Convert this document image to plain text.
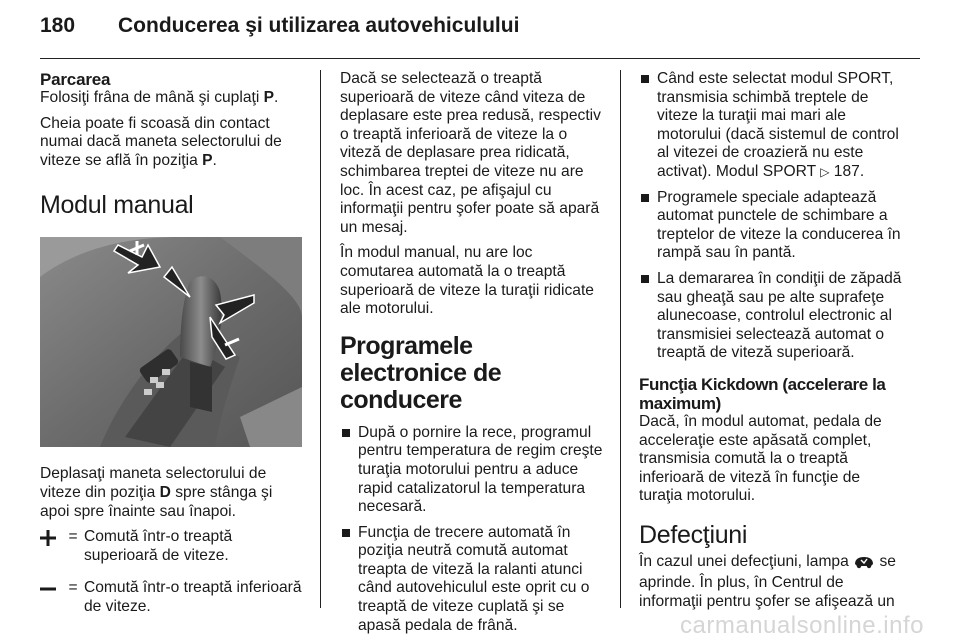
180 Conducerea şi utilizarea autovehiculului
Parcarea

Folosiţi frâna de mână şi cuplaţi P.

Cheia poate fi scoasă din contact numai dacă maneta selectorului de viteze se află în poziţia P.

Modul manual

Deplasaţi maneta selectorului de viteze din poziţia D spre stânga şi apoi spre înainte sau înapoi.

= Comută într-o treaptă superioară de viteze.
= Comută într-o treaptă inferioară de viteze.

Dacă se selectează o treaptă superioară de viteze când viteza de deplasare este prea redusă, respectiv o treaptă inferioară de viteze la o viteză de deplasare prea ridicată, schimbarea treptei de viteze nu are loc. În acest caz, pe afişajul cu informaţii pentru şofer poate să apară un mesaj.

În modul manual, nu are loc comutarea automată la o treaptă superioară de viteze la turaţii ridicate ale motorului.

Programele electronice de conducere
După o pornire la rece, programul pentru temperatura de regim creşte turaţia motorului pentru a aduce rapid catalizatorul la temperatura necesară.
Funcţia de trecere automată în poziţia neutră comută automat treapta de viteză la ralanti atunci când autovehiculul este oprit cu o treaptă de viteze cuplată şi se apasă pedala de frână.
Când este selectat modul SPORT, transmisia schimbă treptele de viteze la turaţii mai mari ale motorului (dacă sistemul de control al vitezei de croazieră nu este activat). Modul SPORT ▷ 187.
Programele speciale adaptează automat punctele de schimbare a treptelor de viteze la conducerea în rampă sau în pantă.
La demararea în condiţii de zăpadă sau gheaţă sau pe alte suprafeţe alunecoase, controlul electronic al transmisiei selectează automat o treaptă de viteză superioară.
Funcţia Kickdown (accelerare la maximum)

Dacă, în modul automat, pedala de acceleraţie este apăsată complet, transmisia comută la o treaptă inferioară de viteză în funcţie de turaţia motorului.

Defecţiuni

În cazul unei defecţiuni, lampa  se aprinde. În plus, în Centrul de informaţii pentru şofer se afişează un

carmanualsonline.info
